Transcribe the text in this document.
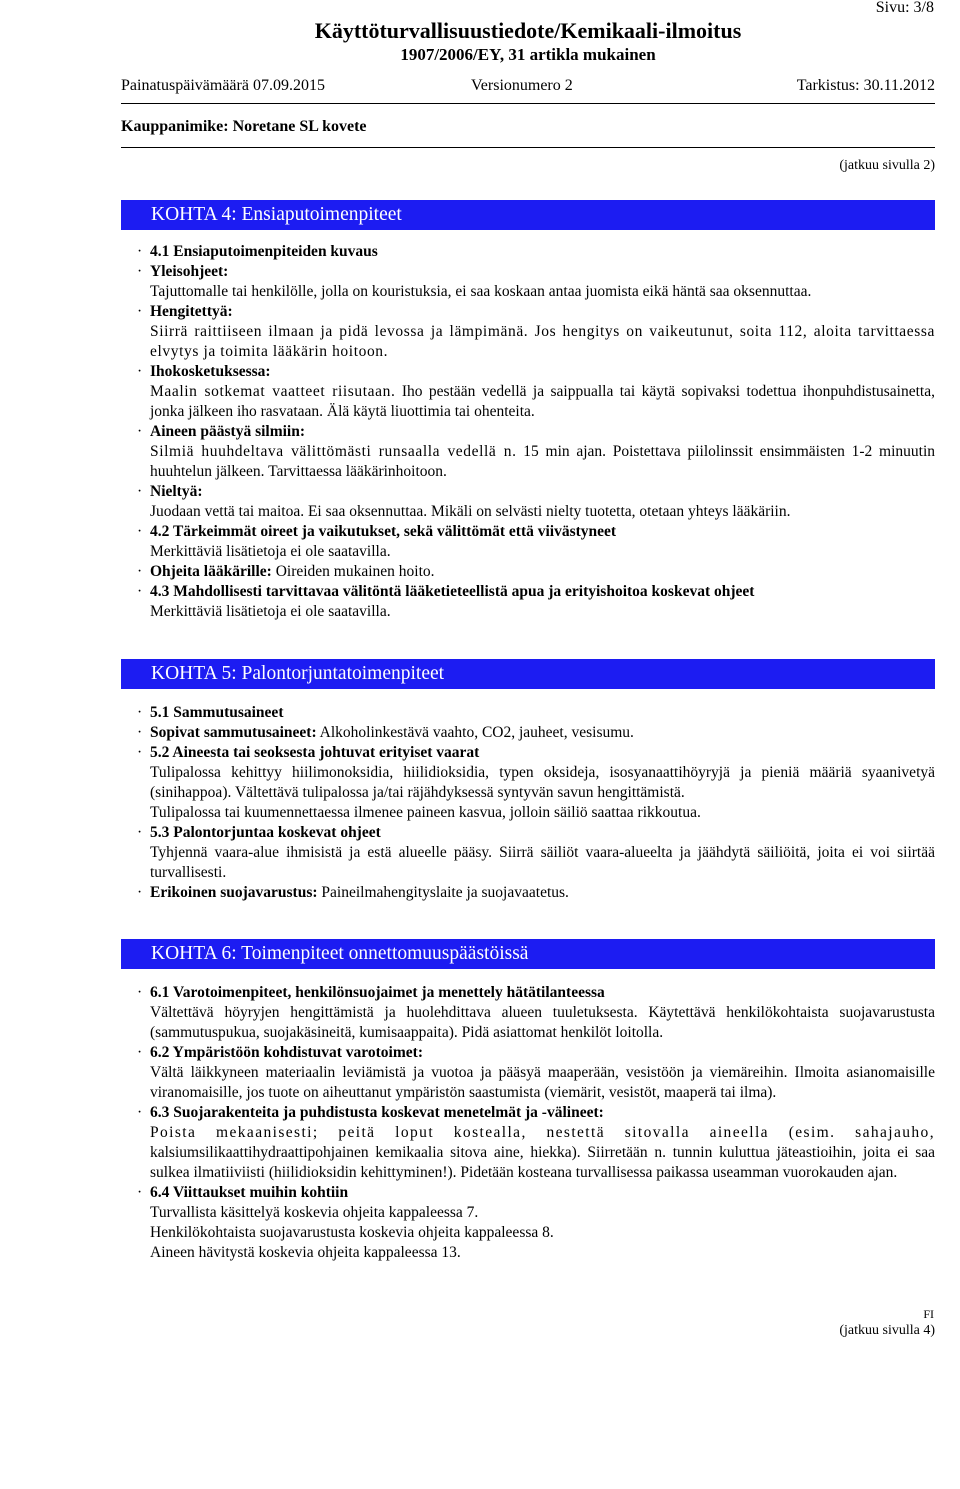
Sivu: 3/8
Käyttöturvallisuustiedote/Kemikaali-ilmoitus
1907/2006/EY, 31 artikla mukainen
Painatuspäivämäärä 07.09.2015	Versionumero 2	Tarkistus: 30.11.2012
Kauppanimike: Noretane SL kovete
(jatkuu sivulla 2)
KOHTA 4: Ensiaputoimenpiteet
· 4.1 Ensiaputoimenpiteiden kuvaus
· Yleisohjeet:
Tajuttomalle tai henkilölle, jolla on kouristuksia, ei saa koskaan antaa juomista eikä häntä saa oksennuttaa.
· Hengitettyä:
Siirrä raittiiseen ilmaan ja pidä levossa ja lämpimänä. Jos hengitys on vaikeutunut, soita 112, aloita tarvittaessa elvytys ja toimita lääkärin hoitoon.
· Ihokosketuksessa:
Maalin sotkemat vaatteet riisutaan. Iho pestään vedellä ja saippualla tai käytä sopivaksi todettua ihonpuhdistusainetta, jonka jälkeen iho rasvataan. Älä käytä liuottimia tai ohenteita.
· Aineen päästyä silmiin:
Silmiä huuhdeltava välittömästi runsaalla vedellä n. 15 min ajan. Poistettava piilolinssit ensimmäisten 1-2 minuutin huuhtelun jälkeen. Tarvittaessa lääkärinhoitoon.
· Nieltyä:
Juodaan vettä tai maitoa. Ei saa oksennuttaa. Mikäli on selvästi nielty tuotetta, otetaan yhteys lääkäriin.
· 4.2 Tärkeimmät oireet ja vaikutukset, sekä välittömät että viivästyneet
Merkittäviä lisätietoja ei ole saatavilla.
· Ohjeita lääkärille: Oireiden mukainen hoito.
· 4.3 Mahdollisesti tarvittavaa välitöntä lääketieteellistä apua ja erityishoitoa koskevat ohjeet
Merkittäviä lisätietoja ei ole saatavilla.
KOHTA 5: Palontorjuntatoimenpiteet
· 5.1 Sammutusaineet
· Sopivat sammutusaineet: Alkoholinkestävä vaahto, CO2, jauheet, vesisumu.
· 5.2 Aineesta tai seoksesta johtuvat erityiset vaarat
Tulipalossa kehittyy hiilimonoksidia, hiilidioksidia, typen oksideja, isosyanaattihöyryjä ja pieniä määriä syaanivetyä (sinihappoa). Vältettävä tulipalossa ja/tai räjähdyksessä syntyvän savun hengittämistä.
Tulipalossa tai kuumennettaessa ilmenee paineen kasvua, jolloin säiliö saattaa rikkoutua.
· 5.3 Palontorjuntaa koskevat ohjeet
Tyhjennä vaara-alue ihmisistä ja estä alueelle pääsy. Siirrä säiliöt vaara-alueelta ja jäähdytä säiliöitä, joita ei voi siirtää turvallisesti.
· Erikoinen suojavarustus: Paineilmahengityslaite ja suojavaatetus.
KOHTA 6: Toimenpiteet onnettomuuspäästöissä
· 6.1 Varotoimenpiteet, henkilönsuojaimet ja menettely hätätilanteessa
Vältettävä höyryjen hengittämistä ja huolehdittava alueen tuuletuksesta. Käytettävä henkilökohtaista suojavarustusta (sammutuspukua, suojakäsineitä, kumisaappaita). Pidä asiattomat henkilöt loitolla.
· 6.2 Ympäristöön kohdistuvat varotoimet:
Vältä läikkyneen materiaalin leviämistä ja vuotoa ja pääsyä maaperään, vesistöön ja viemäreihin. Ilmoita asianomaisille viranomaisille, jos tuote on aiheuttanut ympäristön saastumista (viemärit, vesistöt, maaperä tai ilma).
· 6.3 Suojarakenteita ja puhdistusta koskevat menetelmät ja -välineet:
Poista mekaanisesti; peitä loput kostealla, nestettä sitovalla aineella (esim. sahajauho, kalsiumsilikaattihydraattipohjainen kemikaalia sitova aine, hiekka). Siirretään n. tunnin kuluttua jäteastioihin, joita ei saa sulkea ilmatiiviisti (hiilidioksidin kehittyminen!). Pidetään kosteana turvallisessa paikassa useamman vuorokauden ajan.
· 6.4 Viittaukset muihin kohtiin
Turvallista käsittelyä koskevia ohjeita kappaleessa 7.
Henkilökohtaista suojavarustusta koskevia ohjeita kappaleessa 8.
Aineen hävitystä koskevia ohjeita kappaleessa 13.
FI
(jatkuu sivulla 4)
